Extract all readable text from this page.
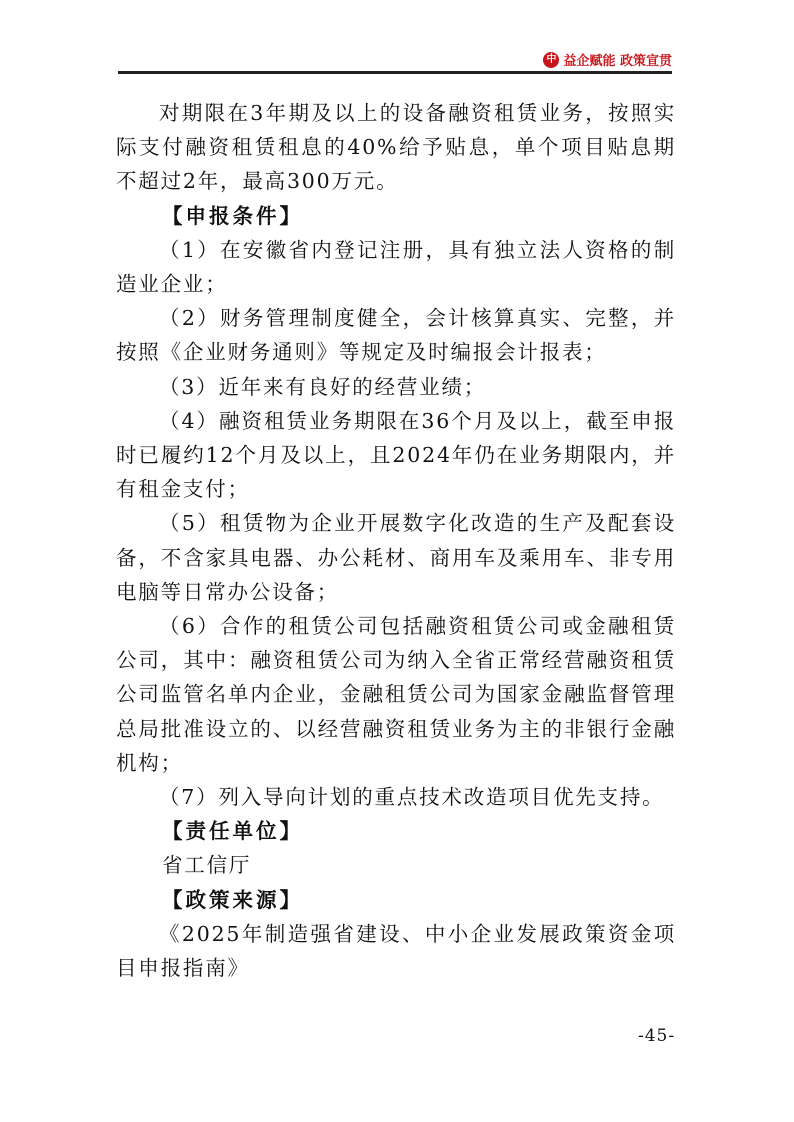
中 益企赋能 政策宣贯

对期限在3年期及以上的设备融资租赁业务，按照实际支付融资租赁租息的40%给予贴息，单个项目贴息期不超过2年，最高300万元。

【申报条件】

（1）在安徽省内登记注册，具有独立法人资格的制造业企业；

（2）财务管理制度健全，会计核算真实、完整，并按照《企业财务通则》等规定及时编报会计报表；

（3）近年来有良好的经营业绩；

（4）融资租赁业务期限在36个月及以上，截至申报时已履约12个月及以上，且2024年仍在业务期限内，并有租金支付；

（5）租赁物为企业开展数字化改造的生产及配套设备，不含家具电器、办公耗材、商用车及乘用车、非专用电脑等日常办公设备；

（6）合作的租赁公司包括融资租赁公司或金融租赁公司，其中：融资租赁公司为纳入全省正常经营融资租赁公司监管名单内企业，金融租赁公司为国家金融监督管理总局批准设立的、以经营融资租赁业务为主的非银行金融机构；

（7）列入导向计划的重点技术改造项目优先支持。

【责任单位】

省工信厅

【政策来源】

《2025年制造强省建设、中小企业发展政策资金项目申报指南》

-45-
